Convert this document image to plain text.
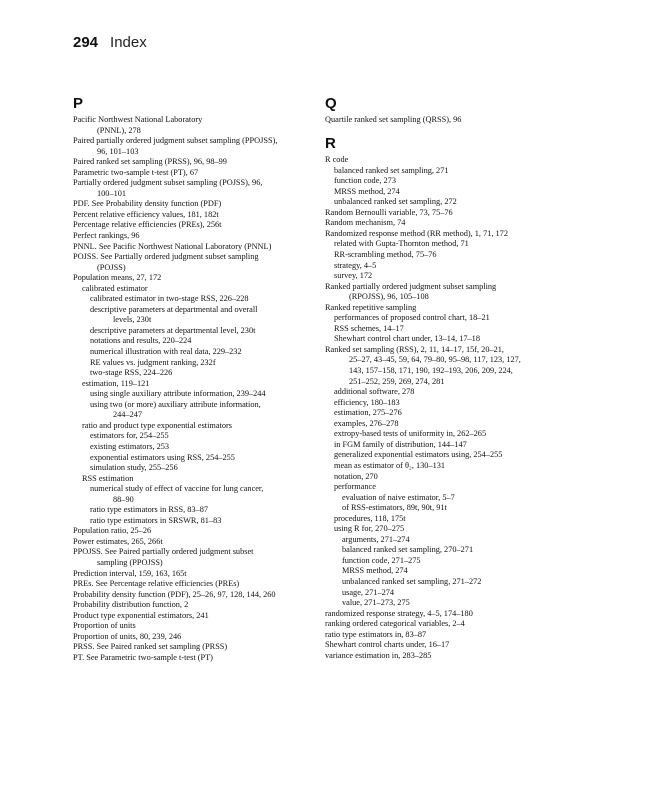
294 Index
P
Pacific Northwest National Laboratory
(PNNL), 278
Paired partially ordered judgment subset sampling (PPOJSS),
96, 101–103
Paired ranked set sampling (PRSS), 96, 98–99
Parametric two-sample t-test (PT), 67
Partially ordered judgment subset sampling (POJSS), 96,
100–101
PDF. See Probability density function (PDF)
Percent relative efficiency values, 181, 182t
Percentage relative efficiencies (PREs), 256t
Perfect rankings, 96
PNNL. See Pacific Northwest National Laboratory (PNNL)
POJSS. See Partially ordered judgment subset sampling
(POJSS)
Population means, 27, 172
calibrated estimator
calibrated estimator in two-stage RSS, 226–228
descriptive parameters at departmental and overall
levels, 230t
descriptive parameters at departmental level, 230t
notations and results, 220–224
numerical illustration with real data, 229–232
RE values vs. judgment ranking, 232f
two-stage RSS, 224–226
estimation, 119–121
using single auxiliary attribute information, 239–244
using two (or more) auxiliary attribute information,
244–247
ratio and product type exponential estimators
estimators for, 254–255
existing estimators, 253
exponential estimators using RSS, 254–255
simulation study, 255–256
RSS estimation
numerical study of effect of vaccine for lung cancer,
88–90
ratio type estimators in RSS, 83–87
ratio type estimators in SRSWR, 81–83
Population ratio, 25–26
Power estimates, 265, 266t
PPOJSS. See Paired partially ordered judgment subset
sampling (PPOJSS)
Prediction interval, 159, 163, 165t
PREs. See Percentage relative efficiencies (PREs)
Probability density function (PDF), 25–26, 97, 128, 144, 260
Probability distribution function, 2
Product type exponential estimators, 241
Proportion of units
Proportion of units, 80, 239, 246
PRSS. See Paired ranked set sampling (PRSS)
PT. See Parametric two-sample t-test (PT)
Q
Quartile ranked set sampling (QRSS), 96
R
R code
balanced ranked set sampling, 271
function code, 273
MRSS method, 274
unbalanced ranked set sampling, 272
Random Bernoulli variable, 73, 75–76
Random mechanism, 74
Randomized response method (RR method), 1, 71, 172
related with Gupta-Thornton method, 71
RR-scrambling method, 75–76
strategy, 4–5
survey, 172
Ranked partially ordered judgment subset sampling
(RPOJSS), 96, 105–108
Ranked repetitive sampling
performances of proposed control chart, 18–21
RSS schemes, 14–17
Shewhart control chart under, 13–14, 17–18
Ranked set sampling (RSS), 2, 11, 14–17, 15f, 20–21,
25–27, 43–45, 59, 64, 79–80, 95–98, 117, 123, 127,
143, 157–158, 171, 190, 192–193, 206, 209, 224,
251–252, 259, 269, 274, 281
additional software, 278
efficiency, 180–183
estimation, 275–276
examples, 276–278
extropy-based tests of uniformity in, 262–265
in FGM family of distribution, 144–147
generalized exponential estimators using, 254–255
mean as estimator of θ₂, 130–131
notation, 270
performance
evaluation of naive estimator, 5–7
of RSS-estimators, 89t, 90t, 91t
procedures, 118, 175t
using R for, 270–275
arguments, 271–274
balanced ranked set sampling, 270–271
function code, 271–275
MRSS method, 274
unbalanced ranked set sampling, 271–272
usage, 271–274
value, 271–273, 275
randomized response strategy, 4–5, 174–180
ranking ordered categorical variables, 2–4
ratio type estimators in, 83–87
Shewhart control charts under, 16–17
variance estimation in, 283–285
